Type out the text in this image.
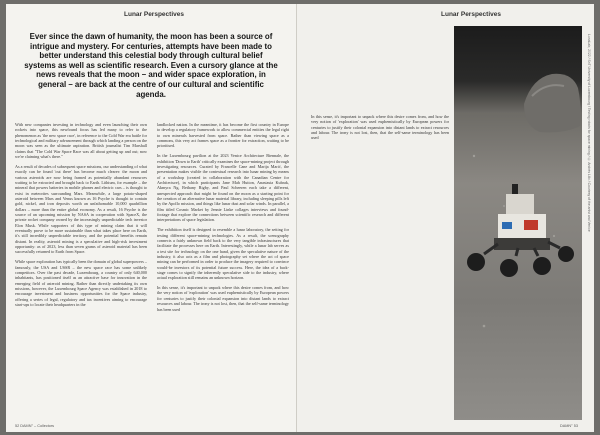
Lunar Perspectives
Ever since the dawn of humanity, the moon has been a source of intrigue and mystery. For centuries, attempts have been made to better understand this celestial body through cultural belief systems as well as scientific research. Even a cursory glance at the news reveals that the moon – and wider space exploration, in general – are back at the centre of our cultural and scientific agenda.

With new companies investing in technology and even launching their own rockets into space, this newfound focus has led many to refer to the phenomenon as 'the new space race', in reference to the Cold War era battle for technological and military advancement through which landing a person on the moon was seen as the ultimate aspiration. British journalist Tim Marshall claims that "The Cold War Space Race was all about getting up and out; now we're claiming what's there."

As a result of decades of subsequent space missions, our understanding of what exactly can be found 'out there' has become much clearer: the moon and various asteroids are now being framed as potentially abundant resources waiting to be extracted and brought back to Earth. Lithium, for example – the mineral that powers batteries in mobile phones and electric cars – is thought to exist in meteorites surrounding Mars. Meanwhile, a large potato-shaped asteroid between Mars and Venus known as 16 Psyche is thought to contain gold, nickel, and iron deposits worth an unfathomable 10,000 quadrillion dollars – more than the entire global economy. As a result, 16 Psyche is the source of an upcoming mission by NASA in cooperation with SpaceX, the private rocket company owned by the increasingly unpredictable tech investor Elon Musk. While supporters of this type of mining claim that it will eventually prove to be more sustainable than what takes place here on Earth, it's still incredibly unpredictable territory, and the potential benefits remain distant. In reality, asteroid mining is a speculative and high-risk investment opportunity: as of 2023, less than seven grams of asteroid material has been successfully returned to Earth from Space.

While space exploration has typically been the domain of global superpowers – famously, the USA and USSR – the new space race has some unlikely competitors. Over the past decade, Luxembourg, a country of only 640,000 inhabitants, has positioned itself as an attractive base for innovation in the emerging field of asteroid mining. Rather than directly undertaking its own missions, however, the Luxembourg Space Agency was established in 2018 to encourage investment and business opportunities for the Space industry, offering a series of legal, regulatory and tax incentives aiming to encourage start-ups to locate their headquarters in the

landlocked nation. In the meantime, it has become the first country in Europe to develop a regulatory framework to allow commercial entities the legal right to own minerals harvested from space. Rather than viewing space as a commons, this very act frames space as a frontier for extraction, waiting to be prioritised.

In the Luxembourg pavilion at the 2023 Venice Architecture Biennale, the exhibition 'Down to Earth' critically examines the space-mining project through investigating resources. Curated by Francelle Cane and Marija Marić, the presentation makes visible the contextual research into lunar mining by means of a workshop (created in collaboration with the Canadian Centre for Architecture), in which participants Jane Mah Hutton, Anastasia Kubrak, Akmyra Ng, Bethany Rigby, and Paul Scheeren each take a different, unexpected approach that might be found on the moon as a starting point for the creation of an alternative lunar material library, including sleeping pills left by the Apollo mission, and things like lunar dust and solar winds. In parallel, a film titled Cosmic Market by Jennie Linke collages interviews and found-footage that explore the connections between scientific research and different interpretations of space legislation.

The exhibition itself is designed to resemble a lunar laboratory, the setting for testing different space-mining technologies. As a result, the scenography connects a fairly unknown field back to the very tangible infrastructures that facilitate the processes here on Earth. Interestingly, while a lunar lab serves as a test site for technology on the one hand, given the speculative nature of the industry, it also acts as a film and photography set where the act of space mining can be performed in order to produce the imagery required to convince would-be investors of its potential future success. Here, the idea of a back-stage comes to signify the inherently speculative side to the industry, where actual exploration still remains an unknown horizon.

In this sense, it's important to unpack where this desire comes from, and how the very notion of 'exploration' was used euphemistically by European powers for centuries to justify their colonial expansion into distant lands to extract resources and labour. The irony is not lost, then, that the self-same terminology has been used

52 DAMN° – Collectors
Lunar Perspectives

In this sense, it's important to unpack where this desire comes from, and how the very notion of 'exploration' was used euphemistically by European powers for centuries to justify their colonial expansion into distant lands to extract resources and labour. The irony is not lost, then, that the self-same terminology has been used	LunaLab, 2022 / SnT University of Luxembourg / Testing robots for space mining / © Andrés Lilic / Courtesy of the artist and Venice
DAMN° 53
